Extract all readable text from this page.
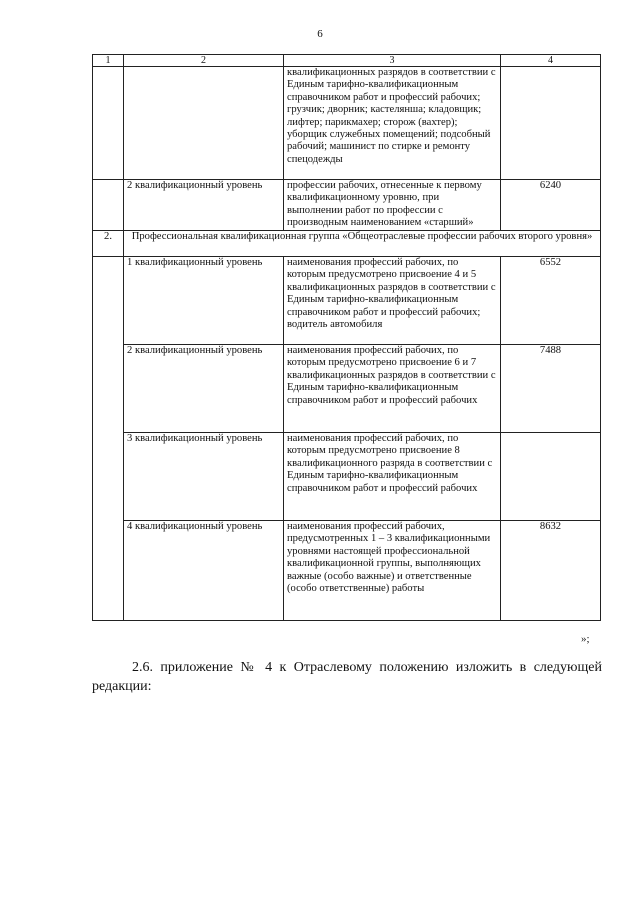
6
1	2	3	4
		квалификационных разрядов в соответствии с Единым тарифно-квалификационным справочником работ и профессий рабочих; грузчик; дворник; кастелянша; кладовщик; лифтер; парикмахер; сторож (вахтер); уборщик служебных помещений; подсобный рабочий; машинист по стирке и ремонту спецодежды	
	2 квалификационный уровень	профессии рабочих, отнесенные к первому квалификационному уровню, при выполнении работ по профессии с производным наименованием «старший»	6240
2.	Профессиональная квалификационная группа «Общеотраслевые профессии рабочих второго уровня»		
	1 квалификационный уровень	наименования профессий рабочих, по которым предусмотрено присвоение 4 и 5 квалификационных разрядов в соответствии с Единым тарифно-квалификационным справочником работ и профессий рабочих; водитель автомобиля	6552
	2 квалификационный уровень	наименования профессий рабочих, по которым предусмотрено присвоение 6 и 7 квалификационных разрядов в соответствии с Единым тарифно-квалификационным справочником работ и профессий рабочих	7488
	3 квалификационный уровень	наименования профессий рабочих, по которым предусмотрено присвоение 8 квалификационного разряда в соответствии с Единым тарифно-квалификационным справочником работ и профессий рабочих	
	4 квалификационный уровень	наименования профессий рабочих, предусмотренных 1 – 3 квалификационными уровнями настоящей профессиональной квалификационной группы, выполняющих важные (особо важные) и ответственные (особо ответственные) работы	8632
»;

2.6. приложение № 4 к Отраслевому положению изложить в следующей редакции:
